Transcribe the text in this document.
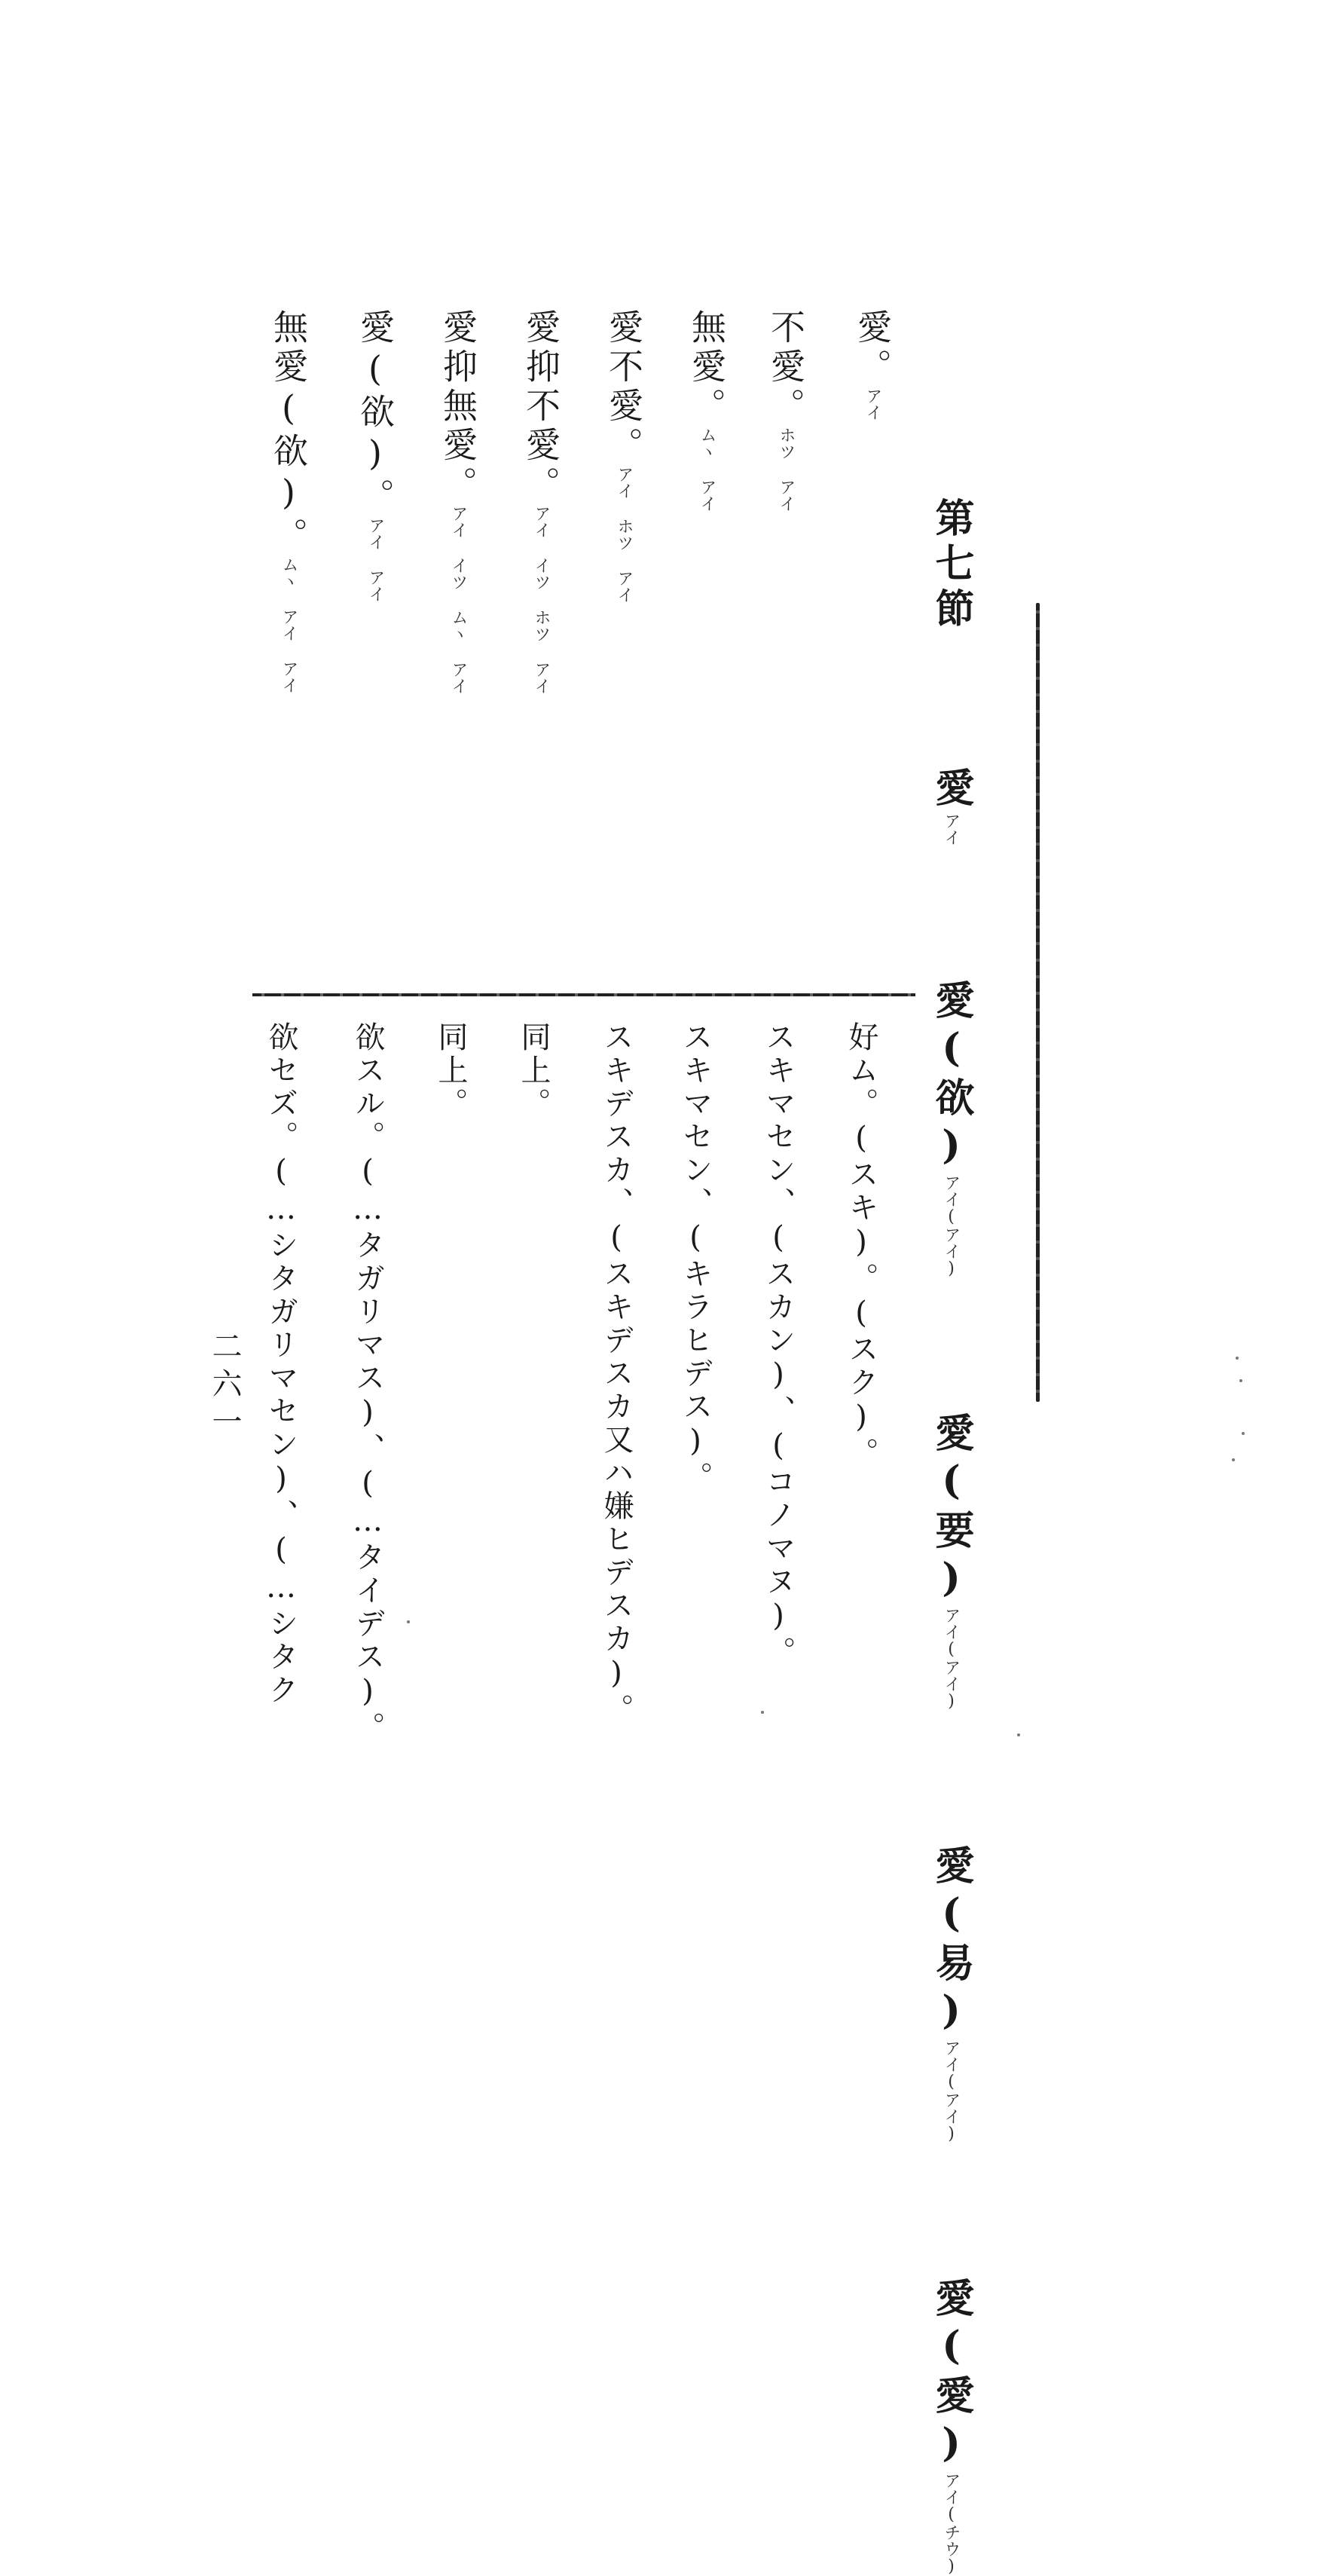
第七節  愛アイ  愛(欲)アイ(アイ)  愛(要)アイ(アイ)  愛(易)アイ(アイ)  愛(愛)アイ(チウ)
愛。アイ
不愛。ホツ アイ
無愛。ムヽ アイ
愛不愛。アイ ホツ アイ
愛抑不愛。アイ イツ ホツ アイ
愛抑無愛。アイ イツ ムヽ アイ
愛(欲)。アイ アイ
無愛(欲)。ムヽ アイ アイ
好ム。(スキ)。(スク)。
スキマセン、(スカン)、(コノマヌ)。
スキマセン、(キラヒデス)。
スキデスカ、(スキデスカ又ハ嫌ヒデスカ)。
同上。
同上。
欲スル。(…タガリマス)、(…タイデス)。
欲セズ。(…シタガリマセン)、(…シタク
二六一
